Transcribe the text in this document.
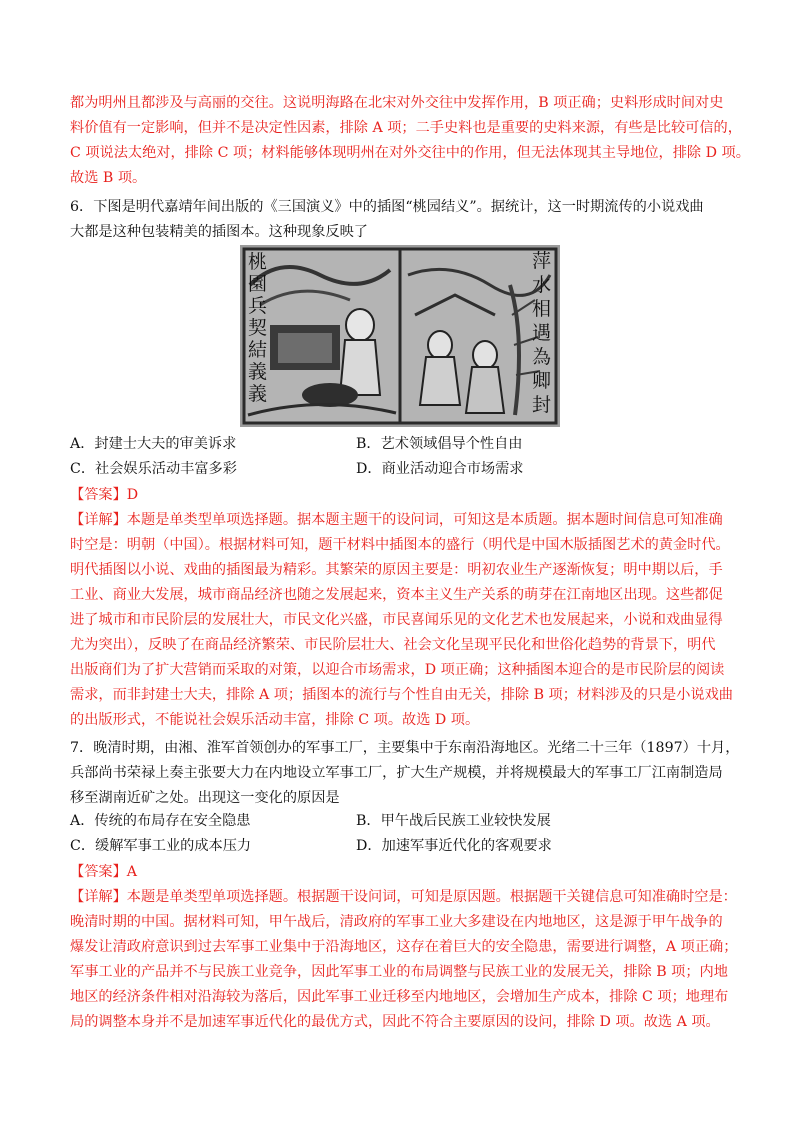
都为明州且都涉及与高丽的交往。这说明海路在北宋对外交往中发挥作用，B 项正确；史料形成时间对史
料价值有一定影响，但并不是决定性因素，排除 A 项；二手史料也是重要的史料来源，有些是比较可信的，
C 项说法太绝对，排除 C 项；材料能够体现明州在对外交往中的作用，但无法体现其主导地位，排除 D 项。
故选 B 项。
6．下图是明代嘉靖年间出版的《三国演义》中的插图“桃园结义”。据统计，这一时期流传的小说戏曲
大都是这种包装精美的插图本。这种现象反映了
桃園兵契結義義
萍水相遇為卿封
A．封建士大夫的审美诉求	B．艺术领域倡导个性自由
C．社会娱乐活动丰富多彩	D．商业活动迎合市场需求
【答案】D
【详解】本题是单类型单项选择题。据本题主题干的设问词，可知这是本质题。据本题时间信息可知准确
时空是：明朝（中国）。根据材料可知，题干材料中插图本的盛行（明代是中国木版插图艺术的黄金时代。
明代插图以小说、戏曲的插图最为精彩。其繁荣的原因主要是：明初农业生产逐渐恢复；明中期以后，手
工业、商业大发展，城市商品经济也随之发展起来，资本主义生产关系的萌芽在江南地区出现。这些都促
进了城市和市民阶层的发展壮大，市民文化兴盛，市民喜闻乐见的文化艺术也发展起来，小说和戏曲显得
尤为突出），反映了在商品经济繁荣、市民阶层壮大、社会文化呈现平民化和世俗化趋势的背景下，明代
出版商们为了扩大营销而采取的对策，以迎合市场需求，D 项正确；这种插图本迎合的是市民阶层的阅读
需求，而非封建士大夫，排除 A 项；插图本的流行与个性自由无关，排除 B 项；材料涉及的只是小说戏曲
的出版形式，不能说社会娱乐活动丰富，排除 C 项。故选 D 项。
7．晚清时期，由湘、淮军首领创办的军事工厂，主要集中于东南沿海地区。光绪二十三年（1897）十月，
兵部尚书荣禄上奏主张要大力在内地设立军事工厂，扩大生产规模，并将规模最大的军事工厂江南制造局
移至湖南近矿之处。出现这一变化的原因是
A．传统的布局存在安全隐患	B．甲午战后民族工业较快发展
C．缓解军事工业的成本压力	D．加速军事近代化的客观要求
【答案】A
【详解】本题是单类型单项选择题。根据题干设问词，可知是原因题。根据题干关键信息可知准确时空是：
晚清时期的中国。据材料可知，甲午战后，清政府的军事工业大多建设在内地地区，这是源于甲午战争的
爆发让清政府意识到过去军事工业集中于沿海地区，这存在着巨大的安全隐患，需要进行调整，A 项正确；
军事工业的产品并不与民族工业竞争，因此军事工业的布局调整与民族工业的发展无关，排除 B 项；内地
地区的经济条件相对沿海较为落后，因此军事工业迁移至内地地区，会增加生产成本，排除 C 项；地理布
局的调整本身并不是加速军事近代化的最优方式，因此不符合主要原因的设问，排除 D 项。故选 A 项。
